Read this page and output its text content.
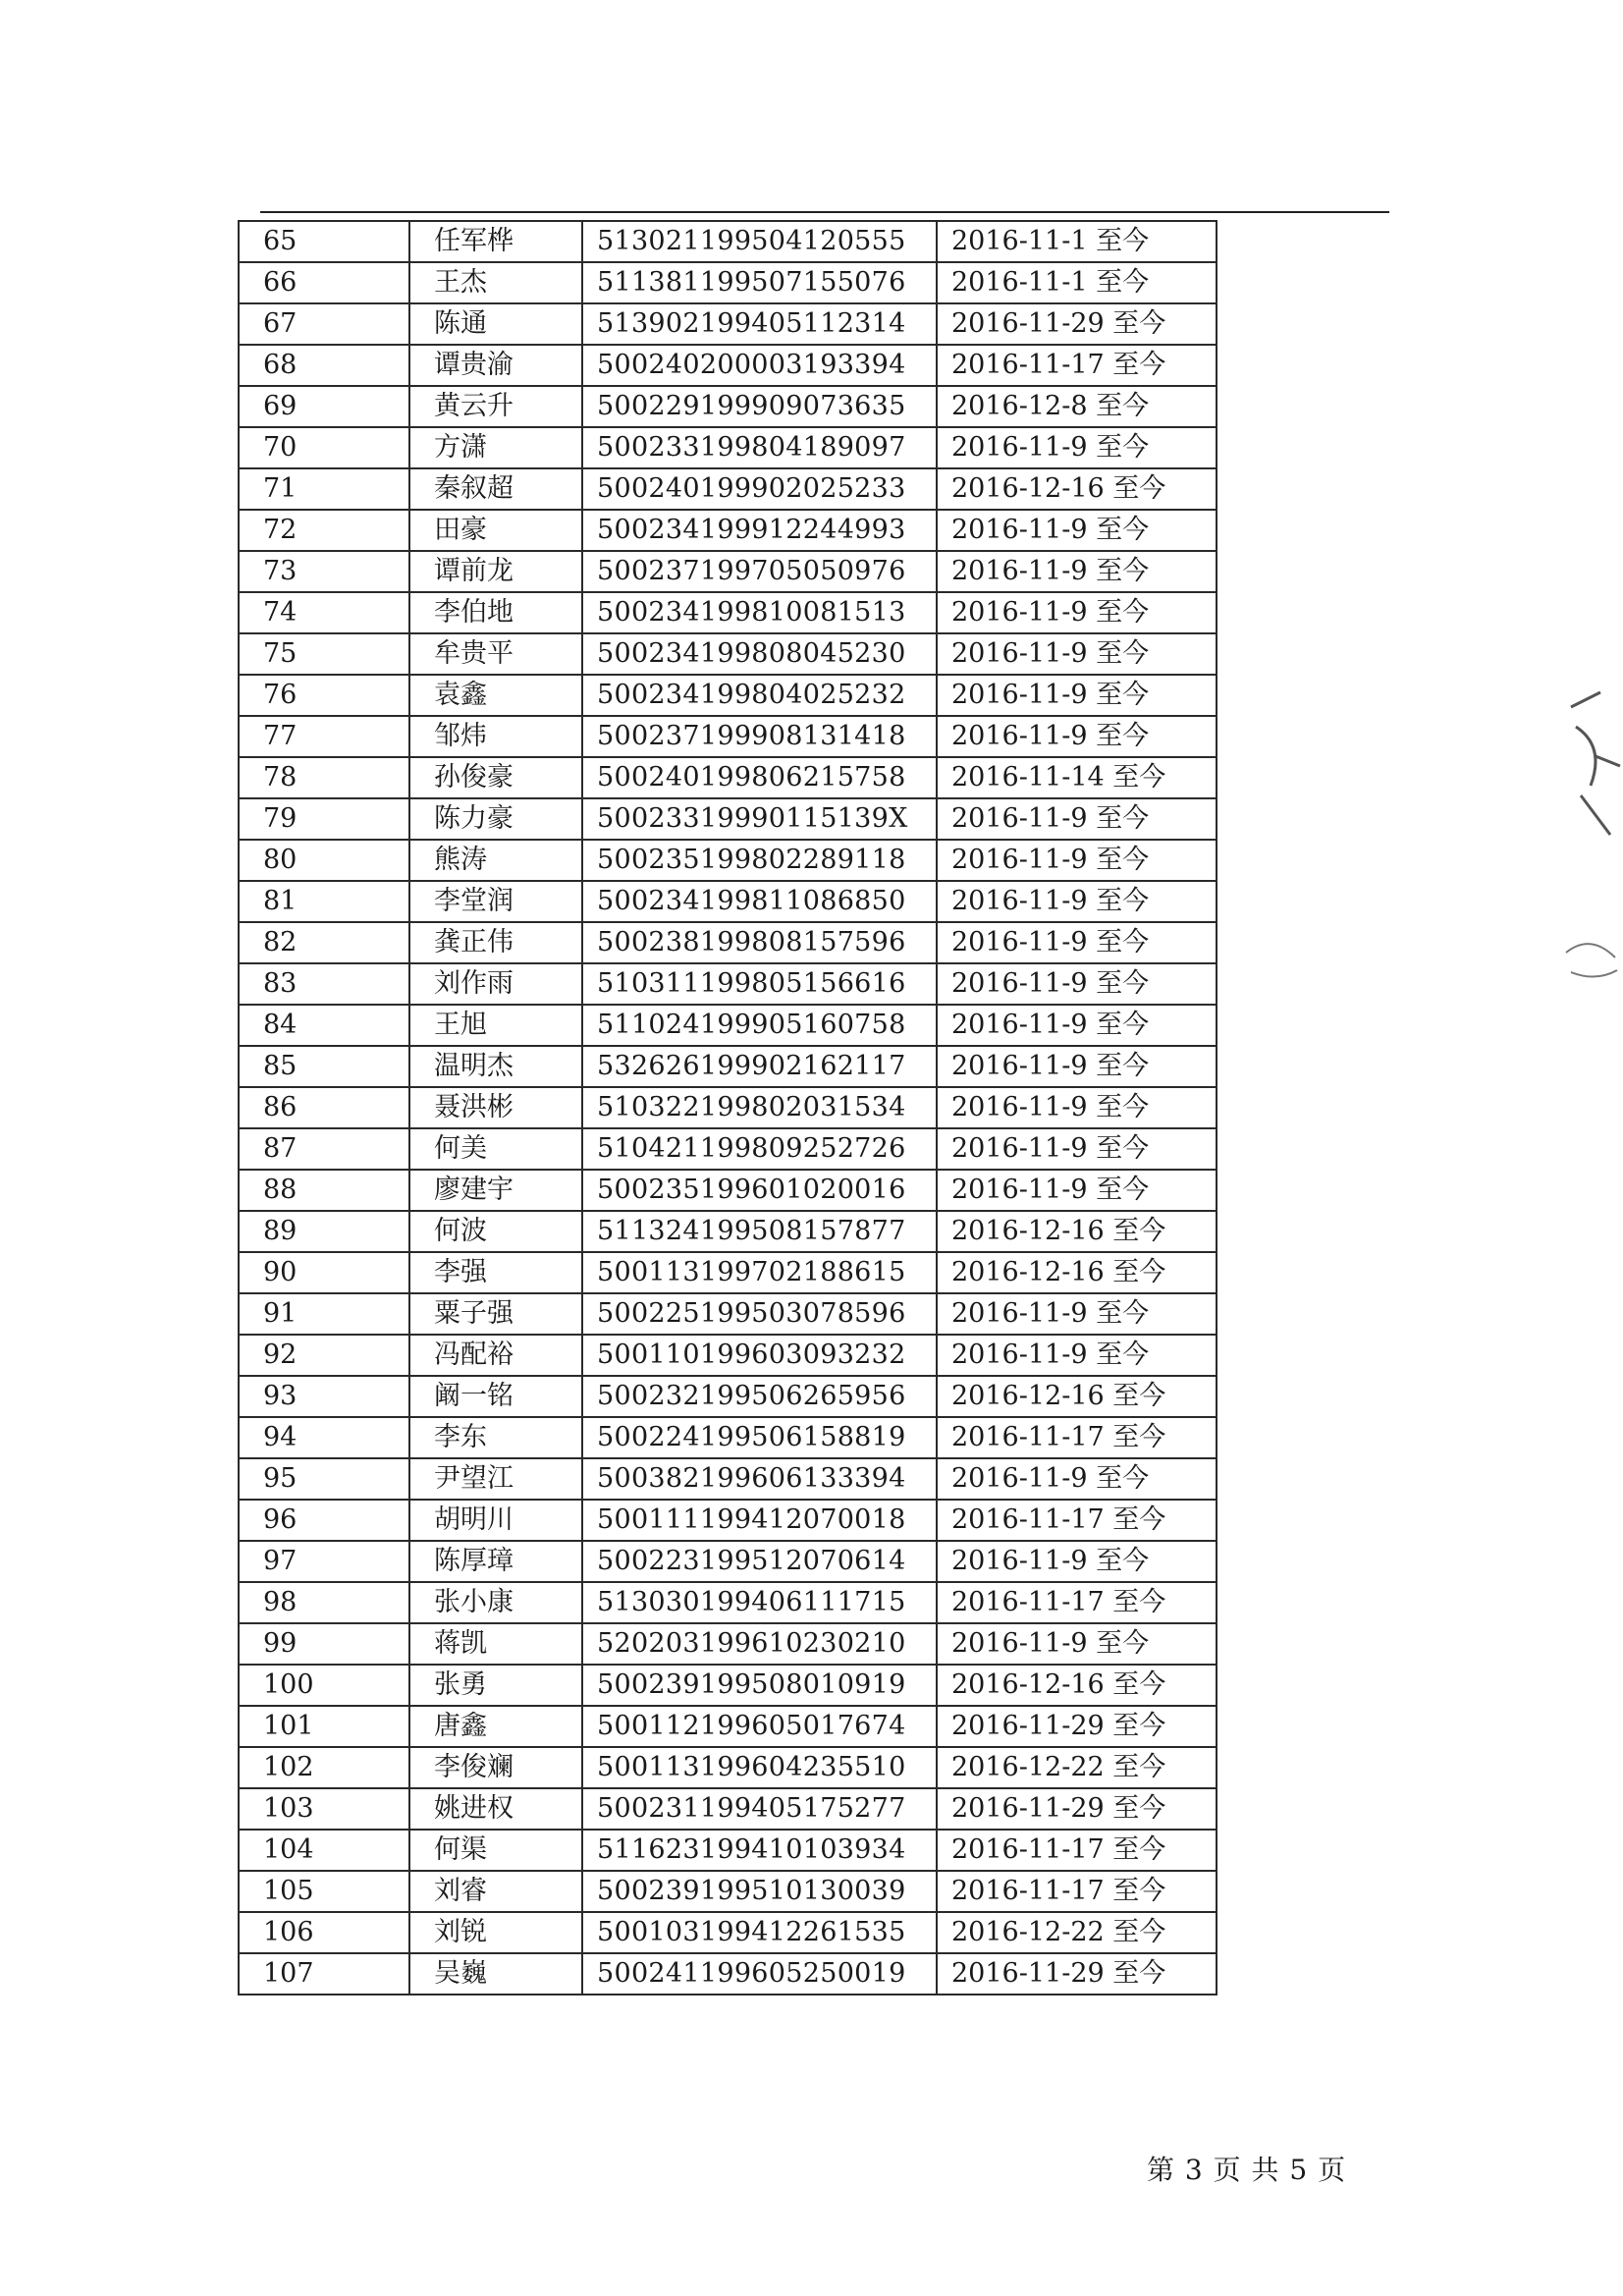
65	任军桦	513021199504120555	2016-11-1 至今
66	王杰	511381199507155076	2016-11-1 至今
67	陈通	513902199405112314	2016-11-29 至今
68	谭贵渝	500240200003193394	2016-11-17 至今
69	黄云升	500229199909073635	2016-12-8 至今
70	方潇	500233199804189097	2016-11-9 至今
71	秦叙超	500240199902025233	2016-12-16 至今
72	田豪	500234199912244993	2016-11-9 至今
73	谭前龙	500237199705050976	2016-11-9 至今
74	李伯地	500234199810081513	2016-11-9 至今
75	牟贵平	500234199808045230	2016-11-9 至今
76	袁鑫	500234199804025232	2016-11-9 至今
77	邹炜	500237199908131418	2016-11-9 至今
78	孙俊豪	500240199806215758	2016-11-14 至今
79	陈力豪	50023319990115139X	2016-11-9 至今
80	熊涛	500235199802289118	2016-11-9 至今
81	李堂润	500234199811086850	2016-11-9 至今
82	龚正伟	500238199808157596	2016-11-9 至今
83	刘作雨	510311199805156616	2016-11-9 至今
84	王旭	511024199905160758	2016-11-9 至今
85	温明杰	532626199902162117	2016-11-9 至今
86	聂洪彬	510322199802031534	2016-11-9 至今
87	何美	510421199809252726	2016-11-9 至今
88	廖建宇	500235199601020016	2016-11-9 至今
89	何波	511324199508157877	2016-12-16 至今
90	李强	500113199702188615	2016-12-16 至今
91	粟子强	500225199503078596	2016-11-9 至今
92	冯配裕	500110199603093232	2016-11-9 至今
93	阚一铭	500232199506265956	2016-12-16 至今
94	李东	500224199506158819	2016-11-17 至今
95	尹望江	500382199606133394	2016-11-9 至今
96	胡明川	500111199412070018	2016-11-17 至今
97	陈厚璋	500223199512070614	2016-11-9 至今
98	张小康	513030199406111715	2016-11-17 至今
99	蒋凯	520203199610230210	2016-11-9 至今
100	张勇	500239199508010919	2016-12-16 至今
101	唐鑫	500112199605017674	2016-11-29 至今
102	李俊斓	500113199604235510	2016-12-22 至今
103	姚进权	500231199405175277	2016-11-29 至今
104	何渠	511623199410103934	2016-11-17 至今
105	刘睿	500239199510130039	2016-11-17 至今
106	刘锐	500103199412261535	2016-12-22 至今
107	吴巍	500241199605250019	2016-11-29 至今
第 3 页 共 5 页
